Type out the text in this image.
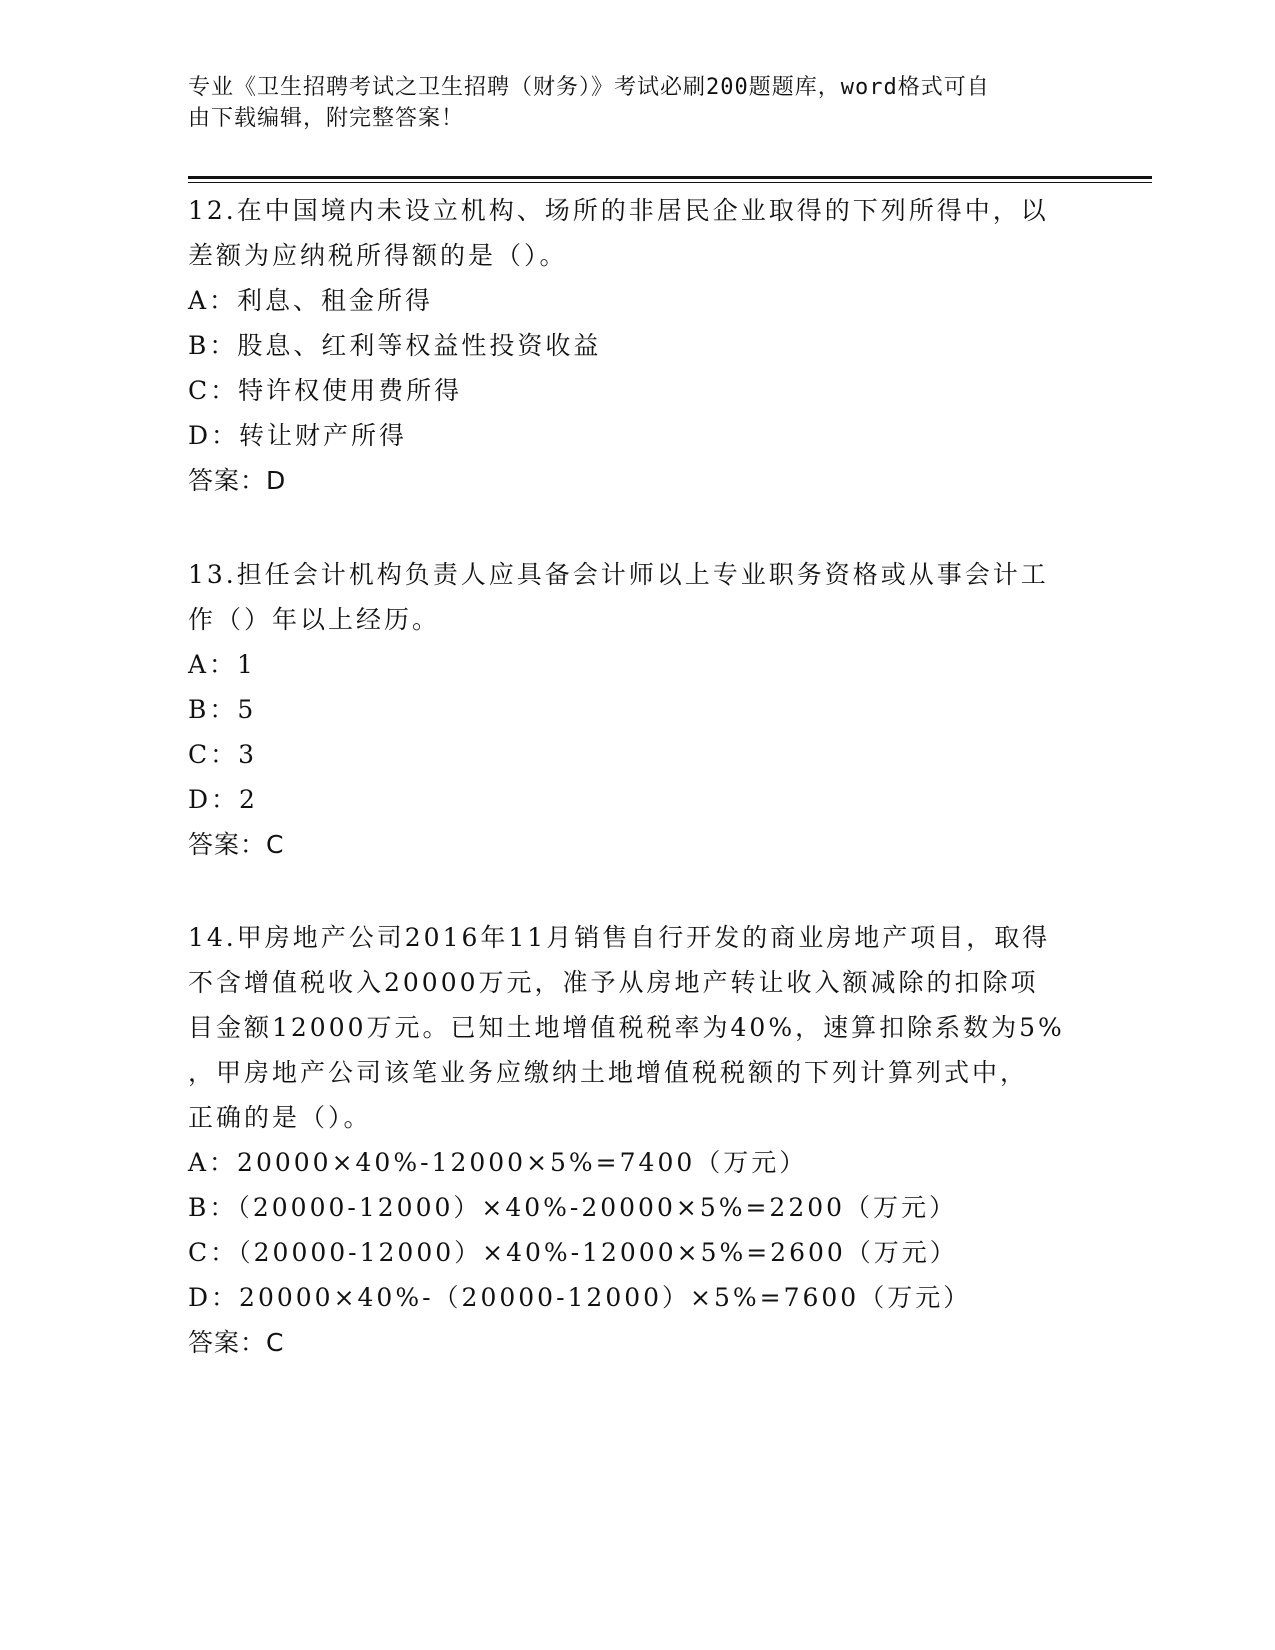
专业《卫生招聘考试之卫生招聘（财务）》考试必刷200题题库，word格式可自
由下载编辑，附完整答案！
12.在中国境内未设立机构、场所的非居民企业取得的下列所得中，以
差额为应纳税所得额的是（）。
A：利息、租金所得
B：股息、红利等权益性投资收益
C：特许权使用费所得
D：转让财产所得
答案：D
13.担任会计机构负责人应具备会计师以上专业职务资格或从事会计工
作（）年以上经历。
A：1
B：5
C：3
D：2
答案：C
14.甲房地产公司2016年11月销售自行开发的商业房地产项目，取得
不含增值税收入20000万元，准予从房地产转让收入额减除的扣除项
目金额12000万元。已知土地增值税税率为40%，速算扣除系数为5%
，甲房地产公司该笔业务应缴纳土地增值税税额的下列计算列式中，
正确的是（）。
A：20000×40%-12000×5%=7400（万元）
B：（20000-12000）×40%-20000×5%=2200（万元）
C：（20000-12000）×40%-12000×5%=2600（万元）
D：20000×40%-（20000-12000）×5%=7600（万元）
答案：C
